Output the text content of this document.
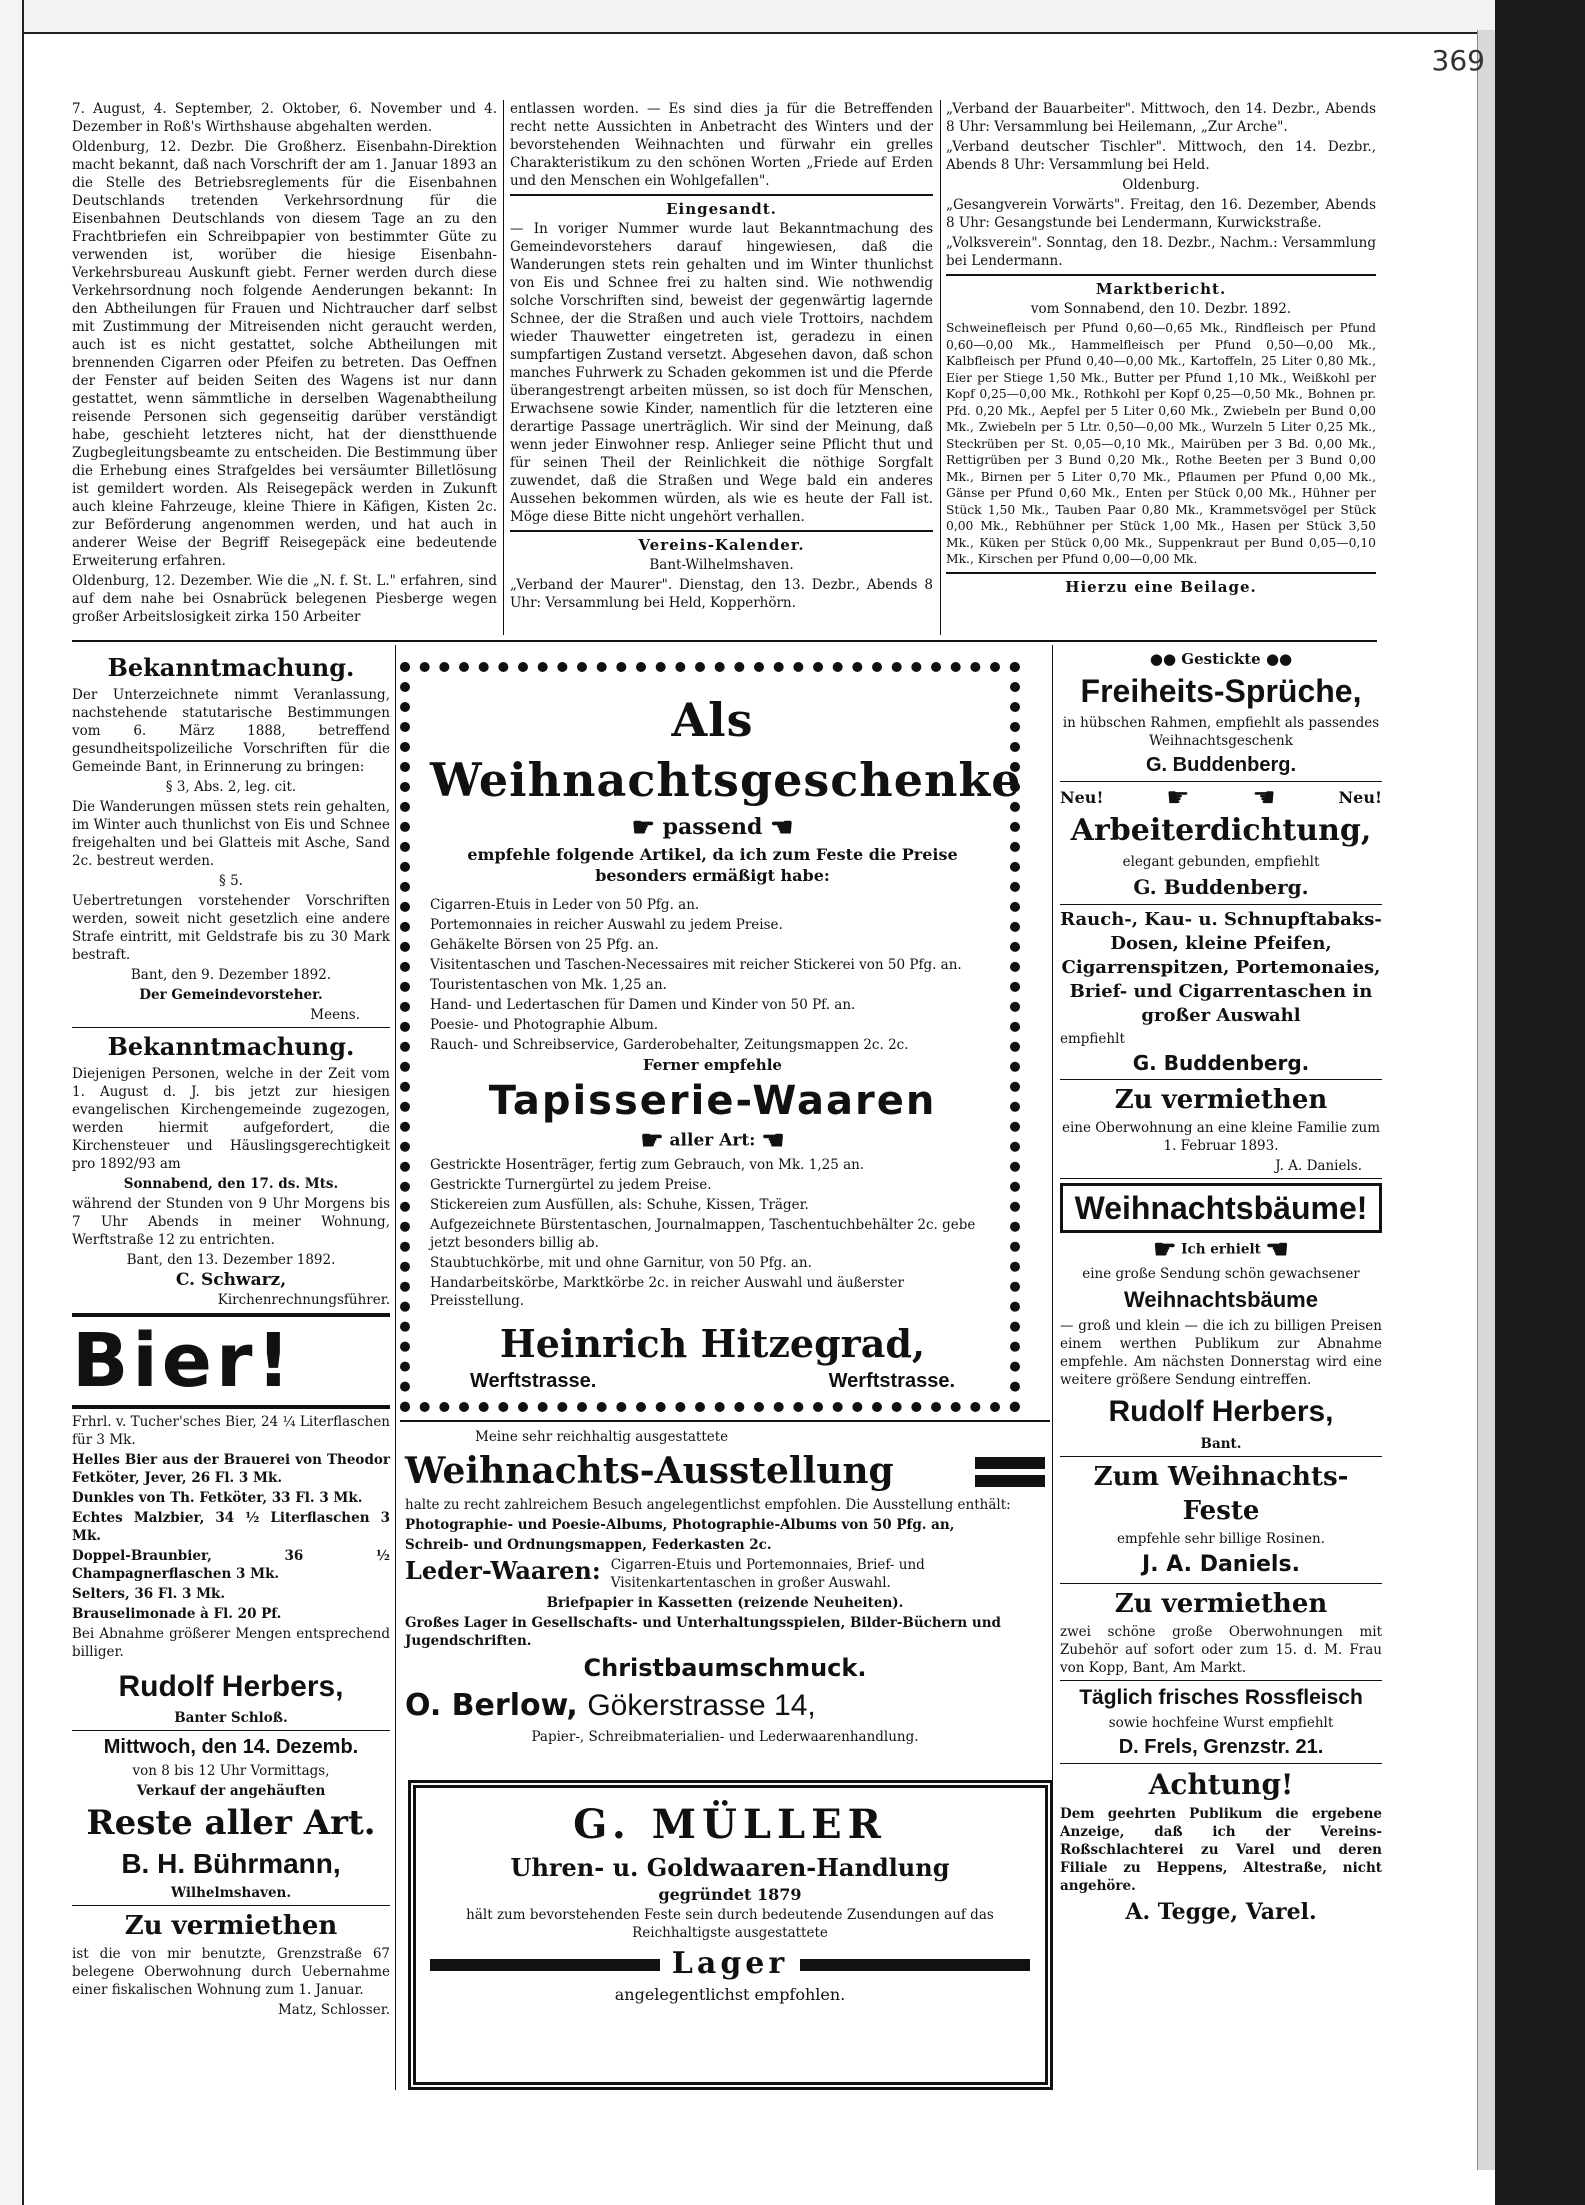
369

7. August, 4. September, 2. Oktober, 6. November und 4. Dezember in Roß's Wirthshause abgehalten werden.

Oldenburg, 12. Dezbr. Die Großherz. Eisenbahn-Direktion macht bekannt, daß nach Vorschrift der am 1. Januar 1893 an die Stelle des Betriebsreglements für die Eisenbahnen Deutschlands tretenden Verkehrsordnung für die Eisenbahnen Deutschlands von diesem Tage an zu den Frachtbriefen ein Schreibpapier von bestimmter Güte zu verwenden ist, worüber die hiesige Eisenbahn-Verkehrsbureau Auskunft giebt. Ferner werden durch diese Verkehrsordnung noch folgende Aenderungen bekannt: In den Abtheilungen für Frauen und Nichtraucher darf selbst mit Zustimmung der Mitreisenden nicht geraucht werden, auch ist es nicht gestattet, solche Abtheilungen mit brennenden Cigarren oder Pfeifen zu betreten. Das Oeffnen der Fenster auf beiden Seiten des Wagens ist nur dann gestattet, wenn sämmtliche in derselben Wagenabtheilung reisende Personen sich gegenseitig darüber verständigt habe, geschieht letzteres nicht, hat der dienstthuende Zugbegleitungsbeamte zu entscheiden. Die Bestimmung über die Erhebung eines Strafgeldes bei versäumter Billetlösung ist gemildert worden. Als Reisegepäck werden in Zukunft auch kleine Fahrzeuge, kleine Thiere in Käfigen, Kisten 2c. zur Beförderung angenommen werden, und hat auch in anderer Weise der Begriff Reisegepäck eine bedeutende Erweiterung erfahren.

Oldenburg, 12. Dezember. Wie die „N. f. St. L." erfahren, sind auf dem nahe bei Osnabrück belegenen Piesberge wegen großer Arbeitslosigkeit zirka 150 Arbeiter

entlassen worden. — Es sind dies ja für die Betreffenden recht nette Aussichten in Anbetracht des Winters und der bevorstehenden Weihnachten und fürwahr ein grelles Charakteristikum zu den schönen Worten „Friede auf Erden und den Menschen ein Wohlgefallen".

Eingesandt.

— In voriger Nummer wurde laut Bekanntmachung des Gemeindevorstehers darauf hingewiesen, daß die Wanderungen stets rein gehalten und im Winter thunlichst von Eis und Schnee frei zu halten sind. Wie nothwendig solche Vorschriften sind, beweist der gegenwärtig lagernde Schnee, der die Straßen und auch viele Trottoirs, nachdem wieder Thauwetter eingetreten ist, geradezu in einen sumpfartigen Zustand versetzt. Abgesehen davon, daß schon manches Fuhrwerk zu Schaden gekommen ist und die Pferde überangestrengt arbeiten müssen, so ist doch für Menschen, Erwachsene sowie Kinder, namentlich für die letzteren eine derartige Passage unerträglich. Wir sind der Meinung, daß wenn jeder Einwohner resp. Anlieger seine Pflicht thut und für seinen Theil der Reinlichkeit die nöthige Sorgfalt zuwendet, daß die Straßen und Wege bald ein anderes Aussehen bekommen würden, als wie es heute der Fall ist. Möge diese Bitte nicht ungehört verhallen.

Vereins-Kalender.

Bant-Wilhelmshaven.

„Verband der Maurer". Dienstag, den 13. Dezbr., Abends 8 Uhr: Versammlung bei Held, Kopperhörn.

„Verband der Bauarbeiter". Mittwoch, den 14. Dezbr., Abends 8 Uhr: Versammlung bei Heilemann, „Zur Arche".

„Verband deutscher Tischler". Mittwoch, den 14. Dezbr., Abends 8 Uhr: Versammlung bei Held.

Oldenburg.

„Gesangverein Vorwärts". Freitag, den 16. Dezember, Abends 8 Uhr: Gesangstunde bei Lendermann, Kurwickstraße.

„Volksverein". Sonntag, den 18. Dezbr., Nachm.: Versammlung bei Lendermann.

Marktbericht.

vom Sonnabend, den 10. Dezbr. 1892.

Schweinefleisch per Pfund 0,60—0,65 Mk., Rindfleisch per Pfund 0,60—0,00 Mk., Hammelfleisch per Pfund 0,50—0,00 Mk., Kalbfleisch per Pfund 0,40—0,00 Mk., Kartoffeln, 25 Liter 0,80 Mk., Eier per Stiege 1,50 Mk., Butter per Pfund 1,10 Mk., Weißkohl per Kopf 0,25—0,00 Mk., Rothkohl per Kopf 0,25—0,50 Mk., Bohnen pr. Pfd. 0,20 Mk., Aepfel per 5 Liter 0,60 Mk., Zwiebeln per Bund 0,00 Mk., Zwiebeln per 5 Ltr. 0,50—0,00 Mk., Wurzeln 5 Liter 0,25 Mk., Steckrüben per St. 0,05—0,10 Mk., Mairüben per 3 Bd. 0,00 Mk., Rettigrüben per 3 Bund 0,20 Mk., Rothe Beeten per 3 Bund 0,00 Mk., Birnen per 5 Liter 0,70 Mk., Pflaumen per Pfund 0,00 Mk., Gänse per Pfund 0,60 Mk., Enten per Stück 0,00 Mk., Hühner per Stück 1,50 Mk., Tauben Paar 0,80 Mk., Krammetsvögel per Stück 0,00 Mk., Rebhühner per Stück 1,00 Mk., Hasen per Stück 3,50 Mk., Küken per Stück 0,00 Mk., Suppenkraut per Bund 0,05—0,10 Mk., Kirschen per Pfund 0,00—0,00 Mk.

Hierzu eine Beilage.

Bekanntmachung.

Der Unterzeichnete nimmt Veranlassung, nachstehende statutarische Bestimmungen vom 6. März 1888, betreffend gesundheitspolizeiliche Vorschriften für die Gemeinde Bant, in Erinnerung zu bringen:

§ 3, Abs. 2, leg. cit.

Die Wanderungen müssen stets rein gehalten, im Winter auch thunlichst von Eis und Schnee freigehalten und bei Glatteis mit Asche, Sand 2c. bestreut werden.

§ 5.

Uebertretungen vorstehender Vorschriften werden, soweit nicht gesetzlich eine andere Strafe eintritt, mit Geldstrafe bis zu 30 Mark bestraft.

Bant, den 9. Dezember 1892.

Der Gemeindevorsteher.

Meens.

Bekanntmachung.

Diejenigen Personen, welche in der Zeit vom 1. August d. J. bis jetzt zur hiesigen evangelischen Kirchengemeinde zugezogen, werden hiermit aufgefordert, die Kirchensteuer und Häuslingsgerechtigkeit pro 1892/93 am

Sonnabend, den 17. ds. Mts.

während der Stunden von 9 Uhr Morgens bis 7 Uhr Abends in meiner Wohnung, Werftstraße 12 zu entrichten.

Bant, den 13. Dezember 1892.

C. Schwarz,

Kirchenrechnungsführer.

Bier!

Frhrl. v. Tucher'sches Bier, 24 ¼ Literflaschen für 3 Mk.

Helles Bier aus der Brauerei von Theodor Fetköter, Jever, 26 Fl. 3 Mk.

Dunkles von Th. Fetköter, 33 Fl. 3 Mk.

Echtes Malzbier, 34 ½ Literflaschen 3 Mk.

Doppel-Braunbier, 36 ½ Champagnerflaschen 3 Mk.

Selters, 36 Fl. 3 Mk.

Brauselimonade à Fl. 20 Pf.

Bei Abnahme größerer Mengen entsprechend billiger.

Rudolf Herbers,

Banter Schloß.

Mittwoch, den 14. Dezemb.

von 8 bis 12 Uhr Vormittags,

Verkauf der angehäuften

Reste aller Art.

B. H. Bührmann,

Wilhelmshaven.

Zu vermiethen

ist die von mir benutzte, Grenzstraße 67 belegene Oberwohnung durch Uebernahme einer fiskalischen Wohnung zum 1. Januar.

Matz, Schlosser.

Als Weihnachtsgeschenke

☛ passend ☚

empfehle folgende Artikel, da ich zum Feste die Preise besonders ermäßigt habe:

Cigarren-Etuis in Leder von 50 Pfg. an.

Portemonnaies in reicher Auswahl zu jedem Preise.

Gehäkelte Börsen von 25 Pfg. an.

Visitentaschen und Taschen-Necessaires mit reicher Stickerei von 50 Pfg. an.

Touristentaschen von Mk. 1,25 an.

Hand- und Ledertaschen für Damen und Kinder von 50 Pf. an.

Poesie- und Photographie Album.

Rauch- und Schreibservice, Garderobehalter, Zeitungsmappen 2c. 2c.

Ferner empfehle

Tapisserie-Waaren

☛ aller Art: ☚

Gestrickte Hosenträger, fertig zum Gebrauch, von Mk. 1,25 an.

Gestrickte Turnergürtel zu jedem Preise.

Stickereien zum Ausfüllen, als: Schuhe, Kissen, Träger.

Aufgezeichnete Bürstentaschen, Journalmappen, Taschentuchbehälter 2c. gebe jetzt besonders billig ab.

Staubtuchkörbe, mit und ohne Garnitur, von 50 Pfg. an.

Handarbeitskörbe, Marktkörbe 2c. in reicher Auswahl und äußerster Preisstellung.

Heinrich Hitzegrad,

Werftstrasse.	Werftstrasse.

Meine sehr reichhaltig ausgestattete

Weihnachts-Ausstellung

halte zu recht zahlreichem Besuch angelegentlichst empfohlen. Die Ausstellung enthält:

Photographie- und Poesie-Albums, Photographie-Albums von 50 Pfg. an,

Schreib- und Ordnungsmappen, Federkasten 2c.

Leder-Waaren: Cigarren-Etuis und Portemonnaies, Brief- und Visitenkartentaschen in großer Auswahl.

Briefpapier in Kassetten (reizende Neuheiten).

Großes Lager in Gesellschafts- und Unterhaltungsspielen, Bilder-Büchern und Jugendschriften.

Christbaumschmuck.

O. Berlow, Gökerstrasse 14,

Papier-, Schreibmaterialien- und Lederwaarenhandlung.

G. MÜLLER

Uhren- u. Goldwaaren-Handlung

gegründet 1879

hält zum bevorstehenden Feste sein durch bedeutende Zusendungen auf das Reichhaltigste ausgestattete

Lager

angelegentlichst empfohlen.

●● Gestickte ●●

Freiheits-Sprüche,

in hübschen Rahmen, empfiehlt als passendes Weihnachtsgeschenk

G. Buddenberg.

Neu! ☛ ☚	Neu!

Arbeiterdichtung,

elegant gebunden, empfiehlt

G. Buddenberg.

Rauch-, Kau- u. Schnupftabaks-Dosen, kleine Pfeifen, Cigarrenspitzen, Portemonaies, Brief- und Cigarrentaschen in großer Auswahl

empfiehlt

G. Buddenberg.

Zu vermiethen

eine Oberwohnung an eine kleine Familie zum 1. Februar 1893.

J. A. Daniels.

Weihnachtsbäume!

☛ Ich erhielt ☚

eine große Sendung schön gewachsener

Weihnachtsbäume

— groß und klein — die ich zu billigen Preisen einem werthen Publikum zur Abnahme empfehle. Am nächsten Donnerstag wird eine weitere größere Sendung eintreffen.

Rudolf Herbers,

Bant.

Zum Weihnachts-Feste

empfehle sehr billige Rosinen.

J. A. Daniels.

Zu vermiethen

zwei schöne große Oberwohnungen mit Zubehör auf sofort oder zum 15. d. M. Frau von Kopp, Bant, Am Markt.

Täglich frisches Rossfleisch

sowie hochfeine Wurst empfiehlt

D. Frels, Grenzstr. 21.

Achtung!

Dem geehrten Publikum die ergebene Anzeige, daß ich der Vereins-Roßschlachterei zu Varel und deren Filiale zu Heppens, Altestraße, nicht angehöre.

A. Tegge, Varel.
